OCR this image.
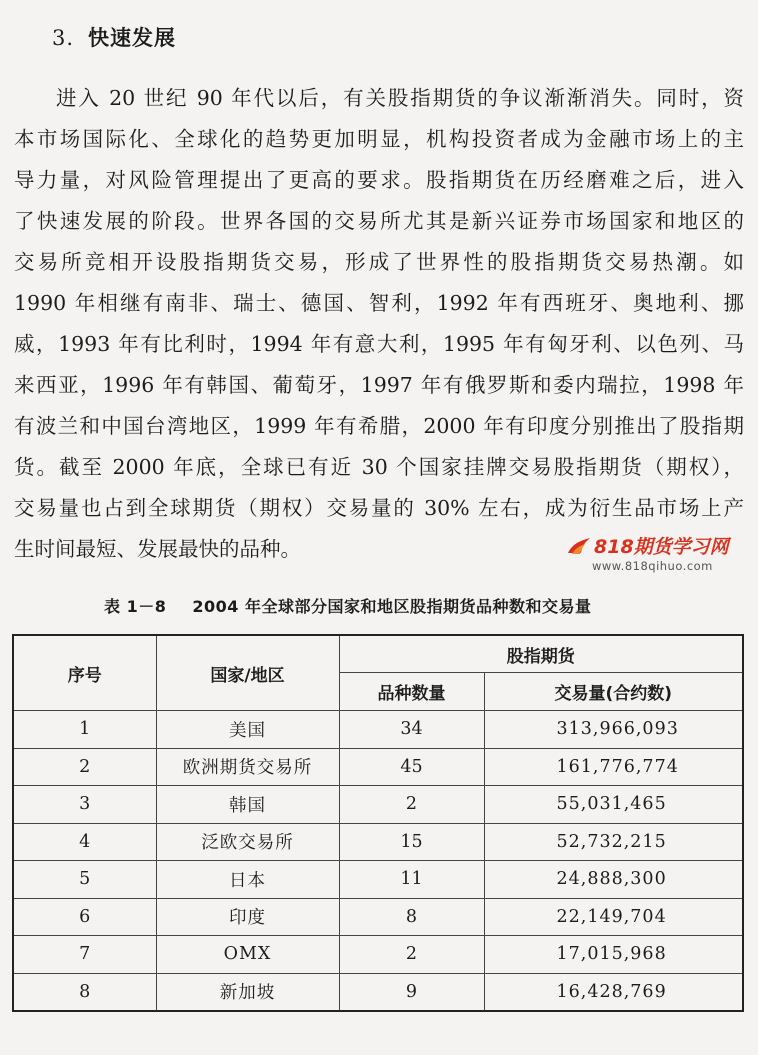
3. 快速发展
进入 20 世纪 90 年代以后，有关股指期货的争议渐渐消失。同时，资
本市场国际化、全球化的趋势更加明显，机构投资者成为金融市场上的主
导力量，对风险管理提出了更高的要求。股指期货在历经磨难之后，进入
了快速发展的阶段。世界各国的交易所尤其是新兴证券市场国家和地区的
交易所竞相开设股指期货交易，形成了世界性的股指期货交易热潮。如
1990 年相继有南非、瑞士、德国、智利，1992 年有西班牙、奥地利、挪
威，1993 年有比利时，1994 年有意大利，1995 年有匈牙利、以色列、马
来西亚，1996 年有韩国、葡萄牙，1997 年有俄罗斯和委内瑞拉，1998 年
有波兰和中国台湾地区，1999 年有希腊，2000 年有印度分别推出了股指期
货。截至 2000 年底，全球已有近 30 个国家挂牌交易股指期货（期权），
交易量也占到全球期货（期权）交易量的 30% 左右，成为衍生品市场上产
生时间最短、发展最快的品种。	818期货学习网
www.818qihuo.com
表 1－8 2004 年全球部分国家和地区股指期货品种数和交易量
序号	国家/地区	股指期货	
		品种数量	交易量(合约数)
1	美国	34	313,966,093
2	欧洲期货交易所	45	161,776,774
3	韩国	2	55,031,465
4	泛欧交易所	15	52,732,215
5	日本	11	24,888,300
6	印度	8	22,149,704
7	OMX	2	17,015,968
8	新加坡	9	16,428,769
